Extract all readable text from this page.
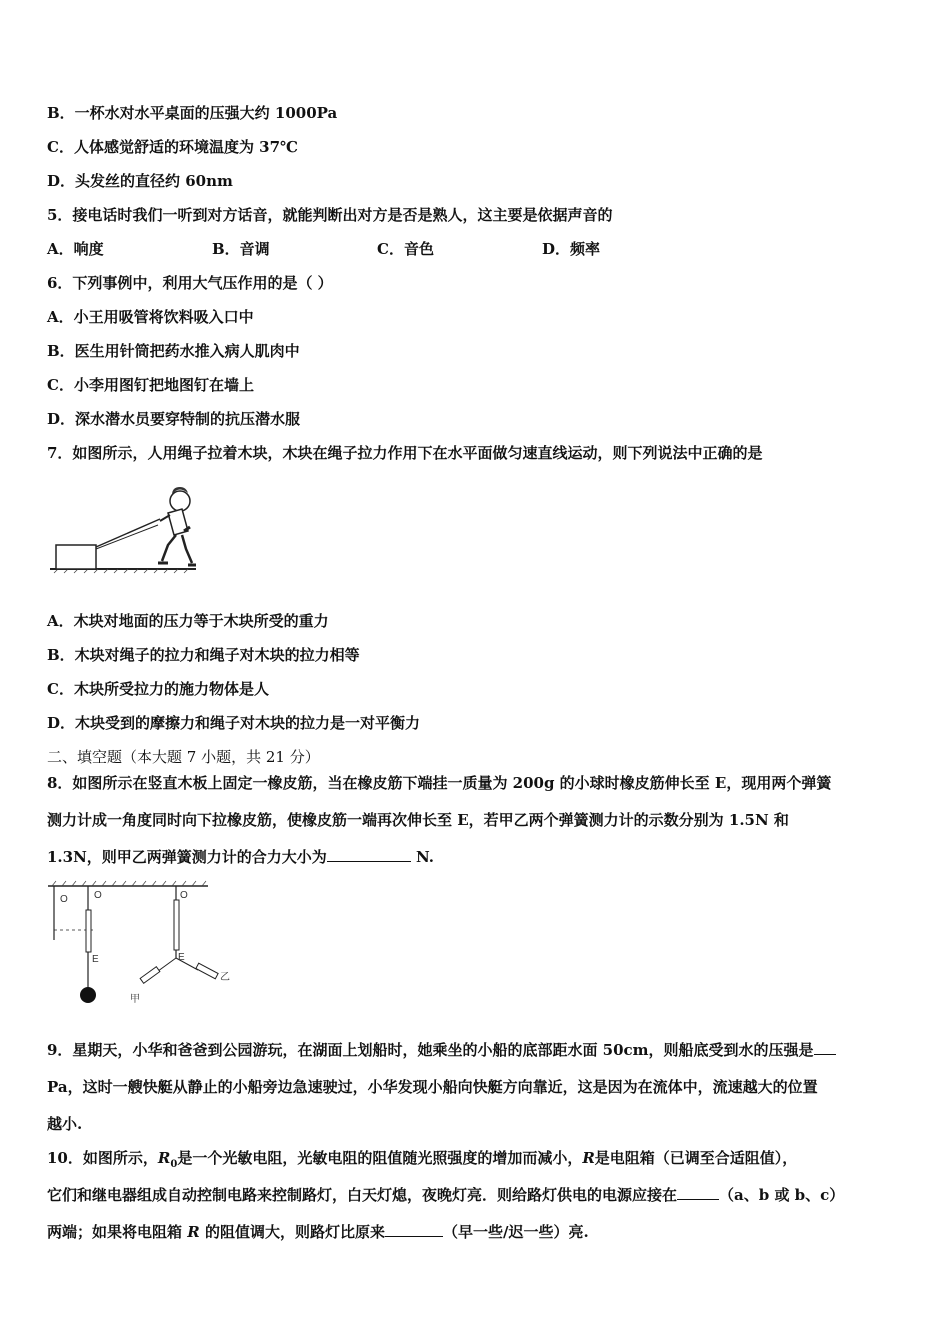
B．一杯水对水平桌面的压强大约 1000Pa
C．人体感觉舒适的环境温度为 37℃
D．头发丝的直径约 60nm
5．接电话时我们一听到对方话音，就能判断出对方是否是熟人，这主要是依据声音的
A．响度	B．音调	C．音色	D．频率
6．下列事例中，利用大气压作用的是（ ）
A．小王用吸管将饮料吸入口中
B．医生用针筒把药水推入病人肌肉中
C．小李用图钉把地图钉在墙上
D．深水潜水员要穿特制的抗压潜水服
7．如图所示，人用绳子拉着木块，木块在绳子拉力作用下在水平面做匀速直线运动，则下列说法中正确的是
A．木块对地面的压力等于木块所受的重力
B．木块对绳子的拉力和绳子对木块的拉力相等
C．木块所受拉力的施力物体是人
D．木块受到的摩擦力和绳子对木块的拉力是一对平衡力
二、填空题（本大题 7 小题，共 21 分）
8．如图所示在竖直木板上固定一橡皮筋，当在橡皮筋下端挂一质量为 200g 的小球时橡皮筋伸长至 E，现用两个弹簧
测力计成一角度同时向下拉橡皮筋，使橡皮筋一端再次伸长至 E，若甲乙两个弹簧测力计的示数分别为 1.5N 和
1.3N，则甲乙两弹簧测力计的合力大小为	N.
O	O
E
O
E
甲
乙
9．星期天，小华和爸爸到公园游玩，在湖面上划船时，她乘坐的小船的底部距水面 50cm，则船底受到水的压强是
Pa，这时一艘快艇从静止的小船旁边急速驶过，小华发现小船向快艇方向靠近，这是因为在流体中，流速越大的位置
越小.
10．如图所示，$R_0$是一个光敏电阻，光敏电阻的阻值随光照强度的增加而减小，R是电阻箱（已调至合适阻值），
它们和继电器组成自动控制电路来控制路灯，白天灯熄，夜晚灯亮．则给路灯供电的电源应接在	（a、b 或 b、c）
两端；如果将电阻箱 R 的阻值调大，则路灯比原来	（早一些/迟一些）亮.
